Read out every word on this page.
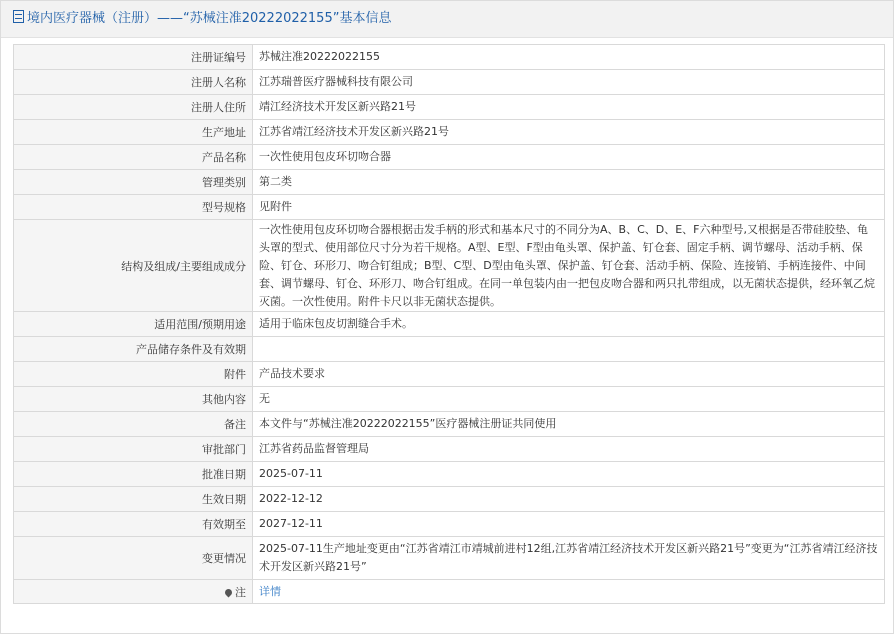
境内医疗器械（注册）——“苏械注准20222022155”基本信息
注册证编号	苏械注准20222022155
注册人名称	江苏瑞普医疗器械科技有限公司
注册人住所	靖江经济技术开发区新兴路21号
生产地址	江苏省靖江经济技术开发区新兴路21号
产品名称	一次性使用包皮环切吻合器
管理类别	第二类
型号规格	见附件
结构及组成/主要组成成分	一次性使用包皮环切吻合器根据击发手柄的形式和基本尺寸的不同分为A、B、C、D、E、F六种型号,又根据是否带硅胶垫、龟头罩的型式、使用部位尺寸分为若干规格。A型、E型、F型由龟头罩、保护盖、钉仓套、固定手柄、调节螺母、活动手柄、保险、钉仓、环形刀、吻合钉组成；B型、C型、D型由龟头罩、保护盖、钉仓套、活动手柄、保险、连接销、手柄连接件、中间套、调节螺母、钉仓、环形刀、吻合钉组成。在同一单包装内由一把包皮吻合器和两只扎带组成，以无菌状态提供，经环氧乙烷灭菌。一次性使用。附件卡尺以非无菌状态提供。
适用范围/预期用途	适用于临床包皮切割缝合手术。
产品储存条件及有效期	
附件	产品技术要求
其他内容	无
备注	本文件与“苏械注准20222022155”医疗器械注册证共同使用
审批部门	江苏省药品监督管理局
批准日期	2025-07-11
生效日期	2022-12-12
有效期至	2027-12-11
变更情况	2025-07-11生产地址变更由“江苏省靖江市靖城前进村12组,江苏省靖江经济技术开发区新兴路21号”变更为“江苏省靖江经济技术开发区新兴路21号”
注	详情
